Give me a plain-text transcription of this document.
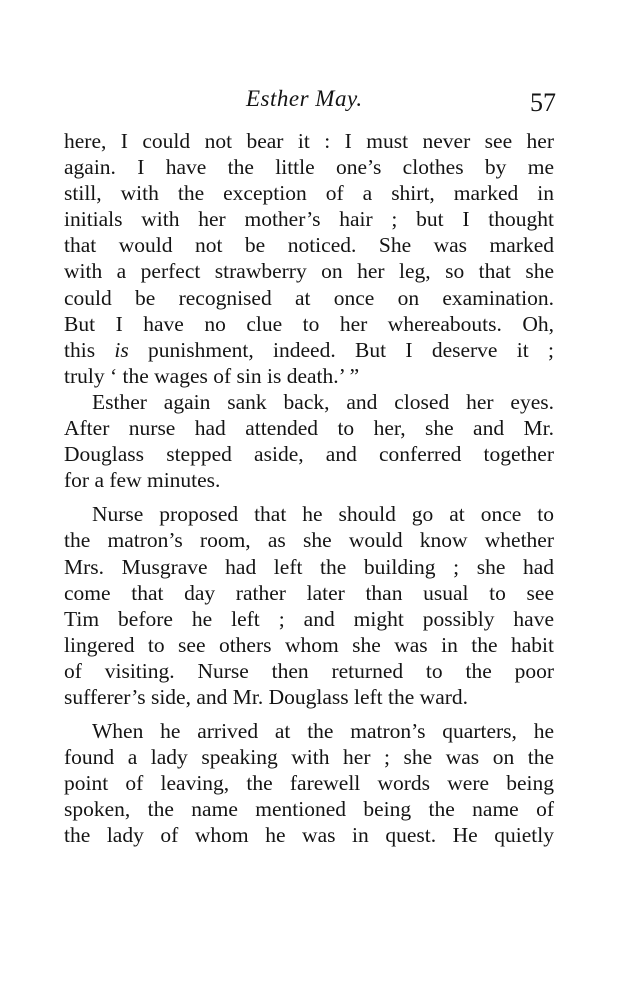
Esther May.	57
here, I could not bear it : I must never see her
again. I have the little one’s clothes by me
still, with the exception of a shirt, marked in
initials with her mother’s hair ; but I thought
that would not be noticed. She was marked
with a perfect strawberry on her leg, so that she
could be recognised at once on examination.
But I have no clue to her whereabouts. Oh,
this is punishment, indeed. But I deserve it ;
truly ‘ the wages of sin is death.’ ”
Esther again sank back, and closed her eyes.
After nurse had attended to her, she and Mr.
Douglass stepped aside, and conferred together
for a few minutes.
Nurse proposed that he should go at once to
the matron’s room, as she would know whether
Mrs. Musgrave had left the building ; she had
come that day rather later than usual to see
Tim before he left ; and might possibly have
lingered to see others whom she was in the habit
of visiting. Nurse then returned to the poor
sufferer’s side, and Mr. Douglass left the ward.
When he arrived at the matron’s quarters, he
found a lady speaking with her ; she was on the
point of leaving, the farewell words were being
spoken, the name mentioned being the name of
the lady of whom he was in quest. He quietly
